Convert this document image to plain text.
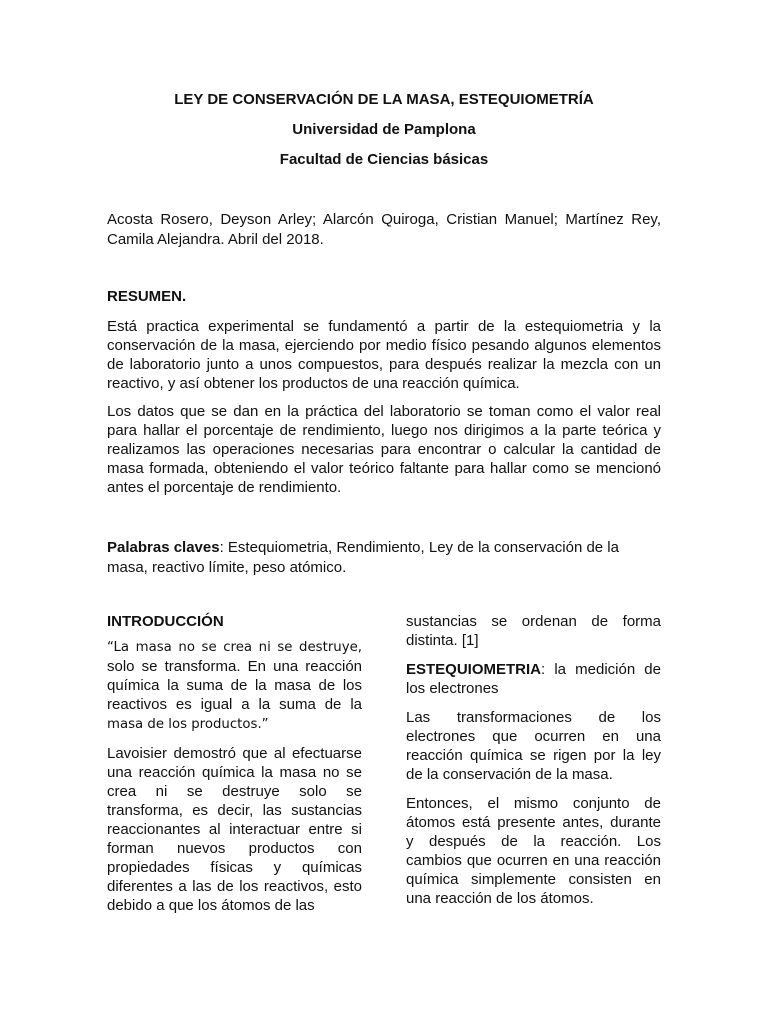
LEY DE CONSERVACIÓN DE LA MASA, ESTEQUIOMETRÍA
Universidad de Pamplona
Facultad de Ciencias básicas
Acosta Rosero, Deyson Arley; Alarcón Quiroga, Cristian Manuel; Martínez Rey, Camila Alejandra. Abril del 2018.
RESUMEN.

Está practica experimental se fundamentó a partir de la estequiometria y la conservación de la masa, ejerciendo por medio físico pesando algunos elementos de laboratorio junto a unos compuestos, para después realizar la mezcla con un reactivo, y así obtener los productos de una reacción química.

Los datos que se dan en la práctica del laboratorio se toman como el valor real para hallar el porcentaje de rendimiento, luego nos dirigimos a la parte teórica y realizamos las operaciones necesarias para encontrar o calcular la cantidad de masa formada, obteniendo el valor teórico faltante para hallar como se mencionó antes el porcentaje de rendimiento.

Palabras claves: Estequiometria, Rendimiento, Ley de la conservación de la masa, reactivo límite, peso atómico.

INTRODUCCIÓN

“La masa no se crea ni se destruye, solo se transforma. En una reacción química la suma de la masa de los reactivos es igual a la suma de la masa de los productos.”

Lavoisier demostró que al efectuarse una reacción química la masa no se crea ni se destruye solo se transforma, es decir, las sustancias reaccionantes al interactuar entre si forman nuevos productos con propiedades físicas y químicas diferentes a las de los reactivos, esto debido a que los átomos de las

sustancias se ordenan de forma distinta. [1]

ESTEQUIOMETRIA: la medición de los electrones

Las transformaciones de los electrones que ocurren en una reacción química se rigen por la ley de la conservación de la masa.

Entonces, el mismo conjunto de átomos está presente antes, durante y después de la reacción. Los cambios que ocurren en una reacción química simplemente consisten en una reacción de los átomos.
